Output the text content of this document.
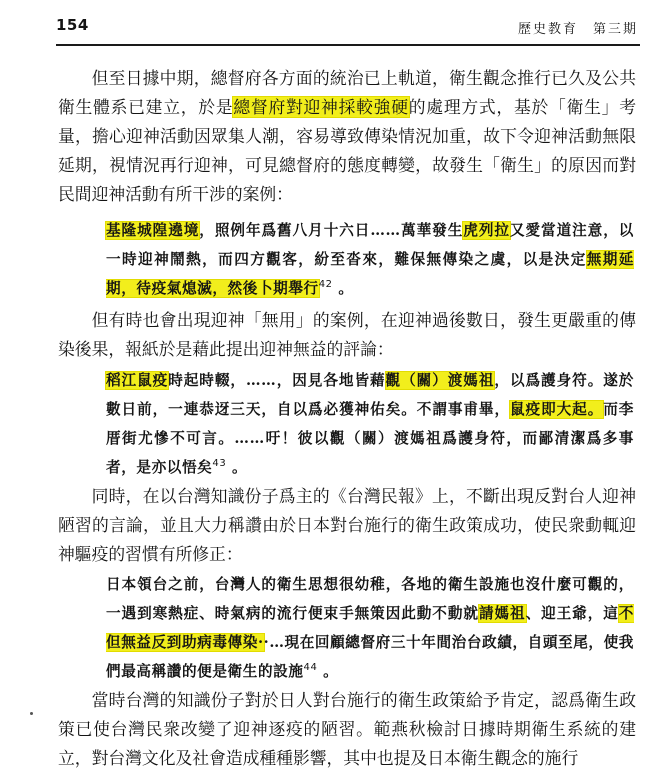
154	歷史教育　第三期
但至日據中期，總督府各方面的統治已上軌道，衛生觀念推行已久及公共衛生體系已建立，於是總督府對迎神採較強硬的處理方式，基於「衛生」考量，擔心迎神活動因眾集人潮，容易導致傳染情況加重，故下令迎神活動無限延期，視情況再行迎神，可見總督府的態度轉變，故發生「衛生」的原因而對民間迎神活動有所干涉的案例：
基隆城隍遶境，照例年爲舊八月十六日……萬華發生虎列拉又愛當道注意，以一時迎神鬧熱，而四方觀客，紛至沓來，難保無傳染之虞，以是決定無期延期，待疫氣熄滅，然後卜期舉行$^{42}$ 。
但有時也會出現迎神「無用」的案例，在迎神過後數日，發生更嚴重的傳染後果，報紙於是藉此提出迎神無益的評論：
稻江鼠疫時起時輟，……，因見各地皆藉觀（關）渡媽祖，以爲護身符。遂於數日前，一連恭迓三天，自以爲必獲神佑矣。不謂事甫畢，鼠疫即大起。而李厝街尤慘不可言。……吁！彼以觀（關）渡媽祖爲護身符，而鄙清潔爲多事者，是亦以悟矣$^{43}$ 。
同時，在以台灣知識份子爲主的《台灣民報》上，不斷出現反對台人迎神陋習的言論，並且大力稱讚由於日本對台施行的衛生政策成功，使民衆動輒迎神驅疫的習慣有所修正：
日本領台之前，台灣人的衛生思想很幼稚，各地的衛生設施也沒什麼可觀的，一遇到寒熱症、時氣病的流行便束手無策因此動不動就請媽祖、迎王爺，這不但無益反到助病毒傳染··…現在回顧總督府三十年間治台政績，自頭至尾，使我們最高稱讚的便是衛生的設施$^{44}$ 。
當時台灣的知識份子對於日人對台施行的衛生政策給予肯定，認爲衛生政策已使台灣民衆改變了迎神逐疫的陋習。範燕秋檢討日據時期衛生系統的建立，對台灣文化及社會造成種種影響，其中也提及日本衛生觀念的施行
